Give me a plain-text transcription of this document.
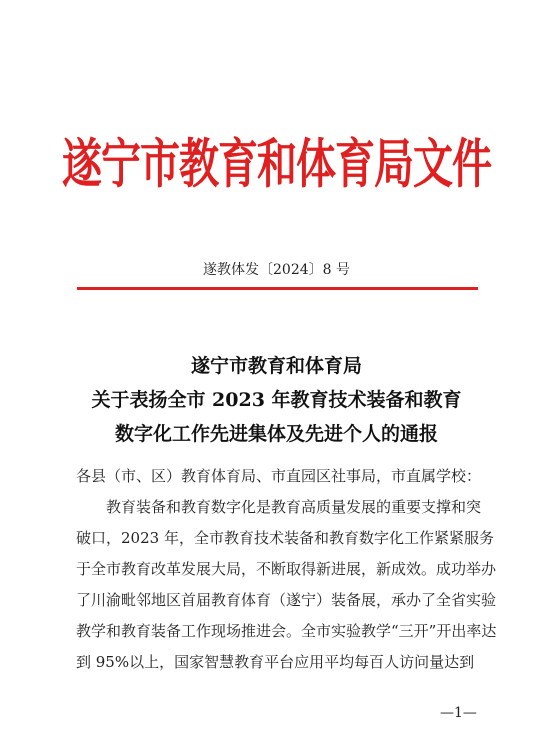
遂宁市教育和体育局文件
遂教体发〔2024〕8 号
遂宁市教育和体育局
关于表扬全市 2023 年教育技术装备和教育
数字化工作先进集体及先进个人的通报
各县（市、区）教育体育局、市直园区社事局，市直属学校：
教育装备和教育数字化是教育高质量发展的重要支撑和突
破口，2023 年，全市教育技术装备和教育数字化工作紧紧服务
于全市教育改革发展大局，不断取得新进展，新成效。成功举办
了川渝毗邻地区首届教育体育（遂宁）装备展，承办了全省实验
教学和教育装备工作现场推进会。全市实验教学“三开”开出率达
到 95%以上，国家智慧教育平台应用平均每百人访问量达到
—1—
